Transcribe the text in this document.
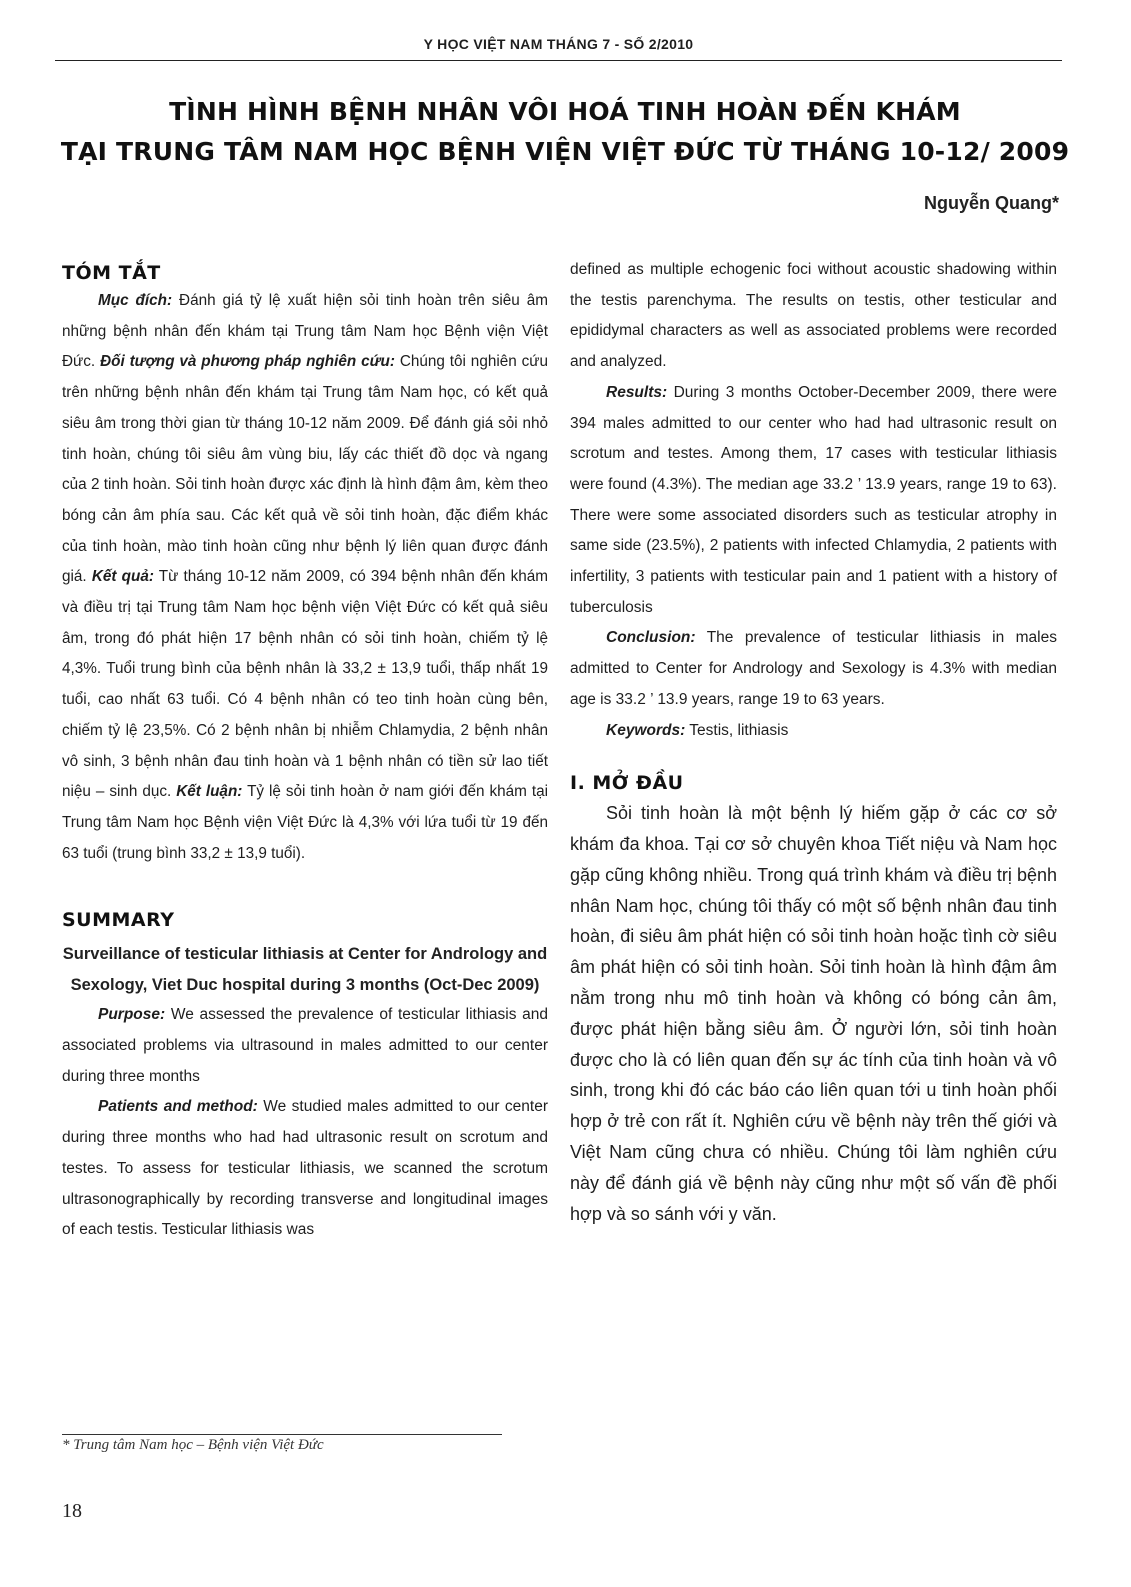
Y HỌC VIỆT NAM THÁNG 7 - SỐ 2/2010
TÌNH HÌNH BỆNH NHÂN VÔI HOÁ TINH HOÀN ĐẾN KHÁM
TẠI TRUNG TÂM NAM HỌC BỆNH VIỆN VIỆT ĐỨC TỪ THÁNG 10-12/ 2009
Nguyễn Quang*
TÓM TẮT

Mục đích: Đánh giá tỷ lệ xuất hiện sỏi tinh hoàn trên siêu âm những bệnh nhân đến khám tại Trung tâm Nam học Bệnh viện Việt Đức. Đối tượng và phương pháp nghiên cứu: Chúng tôi nghiên cứu trên những bệnh nhân đến khám tại Trung tâm Nam học, có kết quả siêu âm trong thời gian từ tháng 10-12 năm 2009. Để đánh giá sỏi nhỏ tinh hoàn, chúng tôi siêu âm vùng biu, lấy các thiết đồ dọc và ngang của 2 tinh hoàn. Sỏi tinh hoàn được xác định là hình đậm âm, kèm theo bóng cản âm phía sau. Các kết quả về sỏi tinh hoàn, đặc điểm khác của tinh hoàn, mào tinh hoàn cũng như bệnh lý liên quan được đánh giá. Kết quả: Từ tháng 10-12 năm 2009, có 394 bệnh nhân đến khám và điều trị tại Trung tâm Nam học bệnh viện Việt Đức có kết quả siêu âm, trong đó phát hiện 17 bệnh nhân có sỏi tinh hoàn, chiếm tỷ lệ 4,3%. Tuổi trung bình của bệnh nhân là 33,2 ± 13,9 tuổi, thấp nhất 19 tuổi, cao nhất 63 tuổi. Có 4 bệnh nhân có teo tinh hoàn cùng bên, chiếm tỷ lệ 23,5%. Có 2 bệnh nhân bị nhiễm Chlamydia, 2 bệnh nhân vô sinh, 3 bệnh nhân đau tinh hoàn và 1 bệnh nhân có tiền sử lao tiết niệu – sinh dục. Kết luận: Tỷ lệ sỏi tinh hoàn ở nam giới đến khám tại Trung tâm Nam học Bệnh viện Việt Đức là 4,3% với lứa tuổi từ 19 đến 63 tuổi (trung bình 33,2 ± 13,9 tuổi).

SUMMARY
Surveillance of testicular lithiasis at Center for Andrology and Sexology, Viet Duc hospital during 3 months (Oct-Dec 2009)

Purpose: We assessed the prevalence of testicular lithiasis and associated problems via ultrasound in males admitted to our center during three months

Patients and method: We studied males admitted to our center during three months who had had ultrasonic result on scrotum and testes. To assess for testicular lithiasis, we scanned the scrotum ultrasonographically by recording transverse and longitudinal images of each testis. Testicular lithiasis was

defined as multiple echogenic foci without acoustic shadowing within the testis parenchyma. The results on testis, other testicular and epididymal characters as well as associated problems were recorded and analyzed.

Results: During 3 months October-December 2009, there were 394 males admitted to our center who had had ultrasonic result on scrotum and testes. Among them, 17 cases with testicular lithiasis were found (4.3%). The median age 33.2 ’ 13.9 years, range 19 to 63). There were some associated disorders such as testicular atrophy in same side (23.5%), 2 patients with infected Chlamydia, 2 patients with infertility, 3 patients with testicular pain and 1 patient with a history of tuberculosis

Conclusion: The prevalence of testicular lithiasis in males admitted to Center for Andrology and Sexology is 4.3% with median age is 33.2 ’ 13.9 years, range 19 to 63 years.

Keywords: Testis, lithiasis

I. MỞ ĐẦU

Sỏi tinh hoàn là một bệnh lý hiếm gặp ở các cơ sở khám đa khoa. Tại cơ sở chuyên khoa Tiết niệu và Nam học gặp cũng không nhiều. Trong quá trình khám và điều trị bệnh nhân Nam học, chúng tôi thấy có một số bệnh nhân đau tinh hoàn, đi siêu âm phát hiện có sỏi tinh hoàn hoặc tình cờ siêu âm phát hiện có sỏi tinh hoàn. Sỏi tinh hoàn là hình đậm âm nằm trong nhu mô tinh hoàn và không có bóng cản âm, được phát hiện bằng siêu âm. Ở người lớn, sỏi tinh hoàn được cho là có liên quan đến sự ác tính của tinh hoàn và vô sinh, trong khi đó các báo cáo liên quan tới u tinh hoàn phối hợp ở trẻ con rất ít. Nghiên cứu về bệnh này trên thế giới và Việt Nam cũng chưa có nhiều. Chúng tôi làm nghiên cứu này để đánh giá về bệnh này cũng như một số vấn đề phối hợp và so sánh với y văn.

* Trung tâm Nam học – Bệnh viện Việt Đức
18
